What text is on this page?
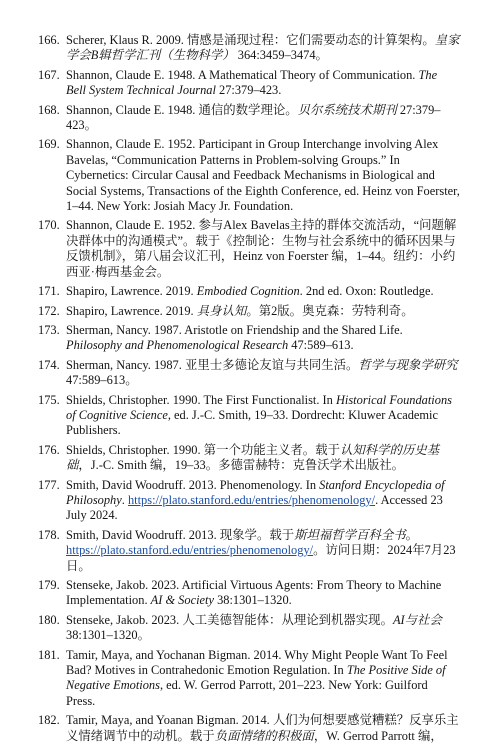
166. Scherer, Klaus R. 2009. 情感是涌现过程：它们需要动态的计算架构。皇家学会B辑哲学汇刊（生物科学） 364:3459–3474。
167. Shannon, Claude E. 1948. A Mathematical Theory of Communication. The Bell System Technical Journal 27:379–423.
168. Shannon, Claude E. 1948. 通信的数学理论。贝尔系统技术期刊 27:379–423。
169. Shannon, Claude E. 1952. Participant in Group Interchange involving Alex Bavelas, “Communication Patterns in Problem-solving Groups.” In Cybernetics: Circular Causal and Feedback Mechanisms in Biological and Social Systems, Transactions of the Eighth Conference, ed. Heinz von Foerster, 1–44. New York: Josiah Macy Jr. Foundation.
170. Shannon, Claude E. 1952. 参与Alex Bavelas主持的群体交流活动，“问题解决群体中的沟通模式”。载于《控制论：生物与社会系统中的循环因果与反馈机制》，第八届会议汇刊，Heinz von Foerster 编，1–44。纽约：小约西亚·梅西基金会。
171. Shapiro, Lawrence. 2019. Embodied Cognition. 2nd ed. Oxon: Routledge.
172. Shapiro, Lawrence. 2019. 具身认知。第2版。奥克森：劳特利奇。
173. Sherman, Nancy. 1987. Aristotle on Friendship and the Shared Life. Philosophy and Phenomenological Research 47:589–613.
174. Sherman, Nancy. 1987. 亚里士多德论友谊与共同生活。哲学与现象学研究 47:589–613。
175. Shields, Christopher. 1990. The First Functionalist. In Historical Foundations of Cognitive Science, ed. J.-C. Smith, 19–33. Dordrecht: Kluwer Academic Publishers.
176. Shields, Christopher. 1990. 第一个功能主义者。载于认知科学的历史基础，J.-C. Smith 编，19–33。多德雷赫特：克鲁沃学术出版社。
177. Smith, David Woodruff. 2013. Phenomenology. In Stanford Encyclopedia of Philosophy. https://plato.stanford.edu/entries/phenomenology/. Accessed 23 July 2024.
178. Smith, David Woodruff. 2013. 现象学。载于斯坦福哲学百科全书。https://plato.stanford.edu/entries/phenomenology/。访问日期：2024年7月23日。
179. Stenseke, Jakob. 2023. Artificial Virtuous Agents: From Theory to Machine Implementation. AI & Society 38:1301–1320.
180. Stenseke, Jakob. 2023. 人工美德智能体：从理论到机器实现。AI与社会 38:1301–1320。
181. Tamir, Maya, and Yochanan Bigman. 2014. Why Might People Want To Feel Bad? Motives in Contrahedonic Emotion Regulation. In The Positive Side of Negative Emotions, ed. W. Gerrod Parrott, 201–223. New York: Guilford Press.
182. Tamir, Maya, and Yoanan Bigman. 2014. 人们为何想要感觉糟糕？反享乐主义情绪调节中的动机。载于负面情绪的积极面，W. Gerrod Parrott 编，
